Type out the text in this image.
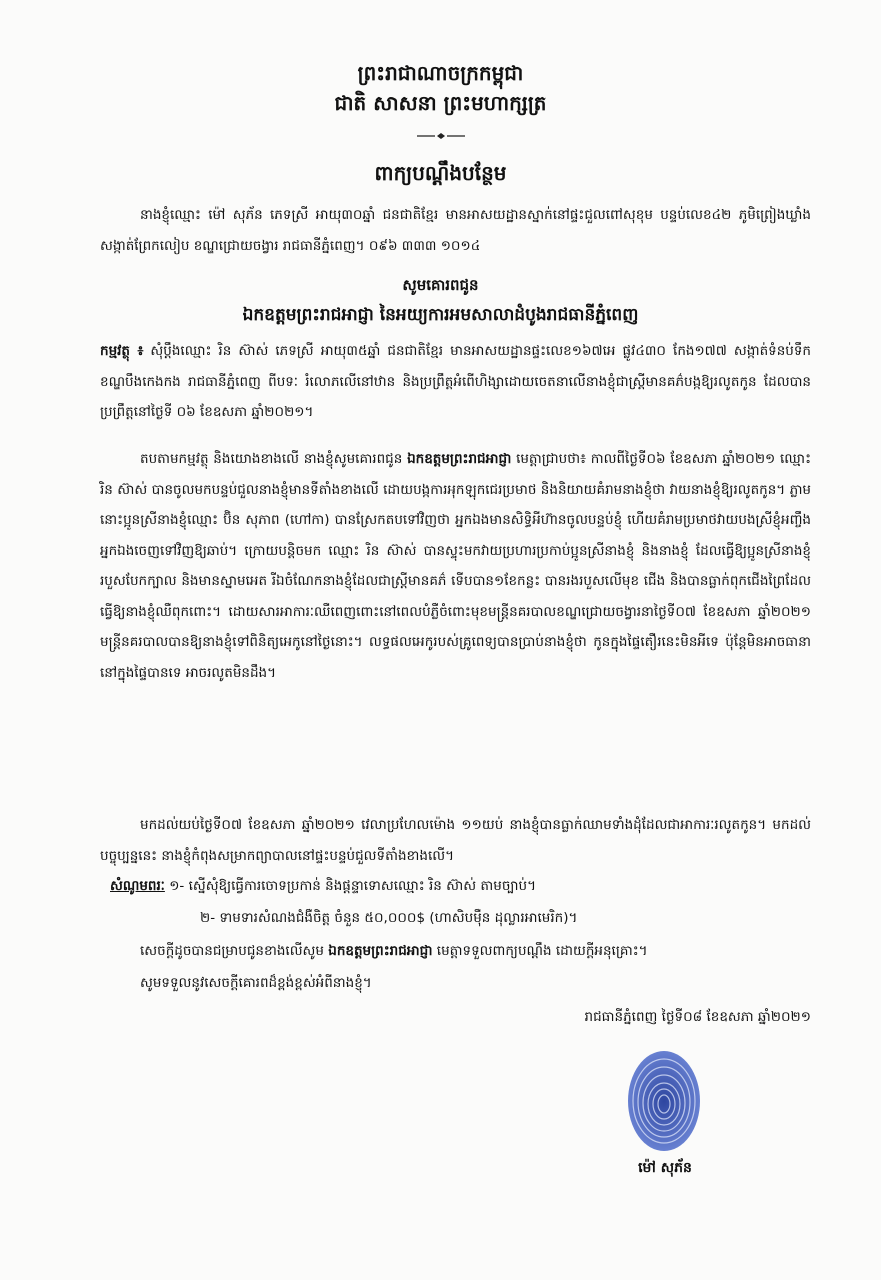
ព្រះរាជាណាចក្រកម្ពុជា
ជាតិ សាសនា ព្រះមហាក្សត្រ
ពាក្យបណ្តឹងបន្ថែម
នាងខ្ញុំឈ្មោះ ម៉ៅ សុភ័ន ភេទស្រី អាយុ៣០ឆ្នាំ ជនជាតិខ្មែរ មានអាសយដ្ឋានស្នាក់នៅផ្ទះជួលពៅសុខុម បន្ទប់លេខ៤២ ភូមិព្រៀងឃ្លាំង សង្កាត់ព្រែកលៀប ខណ្ឌជ្រោយចង្វារ រាជធានីភ្នំពេញ។ ០៩៦ ៣៣៣ ១០១៤
សូមគោរពជូន
ឯកឧត្តមព្រះរាជអាជ្ញា នៃអយ្យការអមសាលាដំបូងរាជធានីភ្នំពេញ
កម្មវត្ថុ ៖ សុំប្តឹងឈ្មោះ រិន ស៊ាស់ ភេទស្រី អាយុ៣៥ឆ្នាំ ជនជាតិខ្មែរ មានអាសយដ្ឋានផ្ទះលេខ១៦៧អេ ផ្លូវ៤៣០ កែង១៧៧ សង្កាត់ទំនប់ទឹក ខណ្ឌបឹងកេងកង រាជធានីភ្នំពេញ ពីបទៈ រំលោភលើនៅឋាន និងប្រព្រឹត្តអំពើហិង្សាដោយចេតនាលើនាងខ្ញុំជាស្ត្រីមានគភ៌បង្កឱ្យរលូតកូន ដែលបានប្រព្រឹត្តនៅថ្ងៃទី ០៦ ខែឧសភា ឆ្នាំ២០២១។
តបតាមកម្មវត្ថុ និងយោងខាងលើ នាងខ្ញុំសូមគោរពជូន ឯកឧត្តមព្រះរាជអាជ្ញា មេត្តាជ្រាបថា៖ កាលពីថ្ងៃទី០៦ ខែឧសភា ឆ្នាំ២០២១ ឈ្មោះ រិន ស៊ាស់ បានចូលមកបន្ទប់ជួលនាងខ្ញុំមានទីតាំងខាងលើ ដោយបង្កការអុកឡុកជេរប្រមាថ និងនិយាយគំរាមនាងខ្ញុំថា វាយនាងខ្ញុំឱ្យរលូតកូន។ ភ្លាមនោះប្អូនស្រីនាងខ្ញុំឈ្មោះ ប៊ិន សុភាព (ហៅកា) បានស្រែកតបទៅវិញថា អ្នកឯងមានសិទ្ធិអីហ៊ានចូលបន្ទប់ខ្ញុំ ហើយគំរាមប្រមាថវាយបងស្រីខ្ញុំអញ្ចឹង អ្នកឯងចេញទៅវិញឱ្យឆាប់។ ក្រោយបន្តិចមក ឈ្មោះ រិន ស៊ាស់ បានស្ទុះមកវាយប្រហារប្រកាប់ប្អូនស្រីនាងខ្ញុំ និងនាងខ្ញុំ ដែលធ្វើឱ្យប្អូនស្រីនាងខ្ញុំរបួសបែកក្បាល និងមានស្នាមអេត រីឯចំណែកនាងខ្ញុំដែលជាស្ត្រីមានគភ៌ ទើបបាន១ខែកន្លះ បានរងរបួសលើមុខ ជើង និងបានធ្លាក់ពុកជើងព្រៃដែលធ្វើឱ្យនាងខ្ញុំឈឺពុកពោះ។ ដោយសារអាការៈឈឺពេញពោះនៅពេលបំភ្លឺចំពោះមុខមន្ត្រីនគរបាលខណ្ឌជ្រោយចង្វារនាថ្ងៃទី០៧ ខែឧសភា ឆ្នាំ២០២១ មន្ត្រីនគរបាលបានឱ្យនាងខ្ញុំទៅពិនិត្យអេកូនៅថ្ងៃនោះ។ លទ្ធផលអេកូរបស់គ្រូពេទ្យបានប្រាប់នាងខ្ញុំថា កូនក្នុងផ្ទៃតឿរនេះមិនអីទេ ប៉ុន្តែមិនអាចធានានៅក្នុងផ្ទៃបានទេ អាចរលូតមិនដឹង។
មកដល់យប់ថ្ងៃទី០៧ ខែឧសភា ឆ្នាំ២០២១ វេលាប្រហែលម៉ោង ១១យប់ នាងខ្ញុំបានធ្លាក់ឈាមទាំងដុំដែលជាអាការៈរលូតកូន។ មកដល់បច្ចុប្បន្ននេះ នាងខ្ញុំកំពុងសម្រាកព្យាបាលនៅផ្ទះបន្ទប់ជួលទីតាំងខាងលើ។
សំណូមពរៈ ១- ស្នើសុំឱ្យធ្វើការចោទប្រកាន់ និងផ្តន្ទាទោសឈ្មោះ រិន ស៊ាស់ តាមច្បាប់។
២- ទាមទារសំណងជំងឺចិត្ត ចំនួន ៥០,០០០$ (ហាសិបម៉ឺន ដុល្លារអាមេរិក)។
សេចក្តីដូចបានជម្រាបជូនខាងលើសូម ឯកឧត្តមព្រះរាជអាជ្ញា មេត្តាទទួលពាក្យបណ្តឹង ដោយក្តីអនុគ្រោះ។
សូមទទួលនូវសេចក្តីគោរពដ៏ខ្ពង់ខ្ពស់អំពីនាងខ្ញុំ។
រាជធានីភ្នំពេញ ថ្ងៃទី០៨ ខែឧសភា ឆ្នាំ២០២១
ម៉ៅ សុភ័ន
